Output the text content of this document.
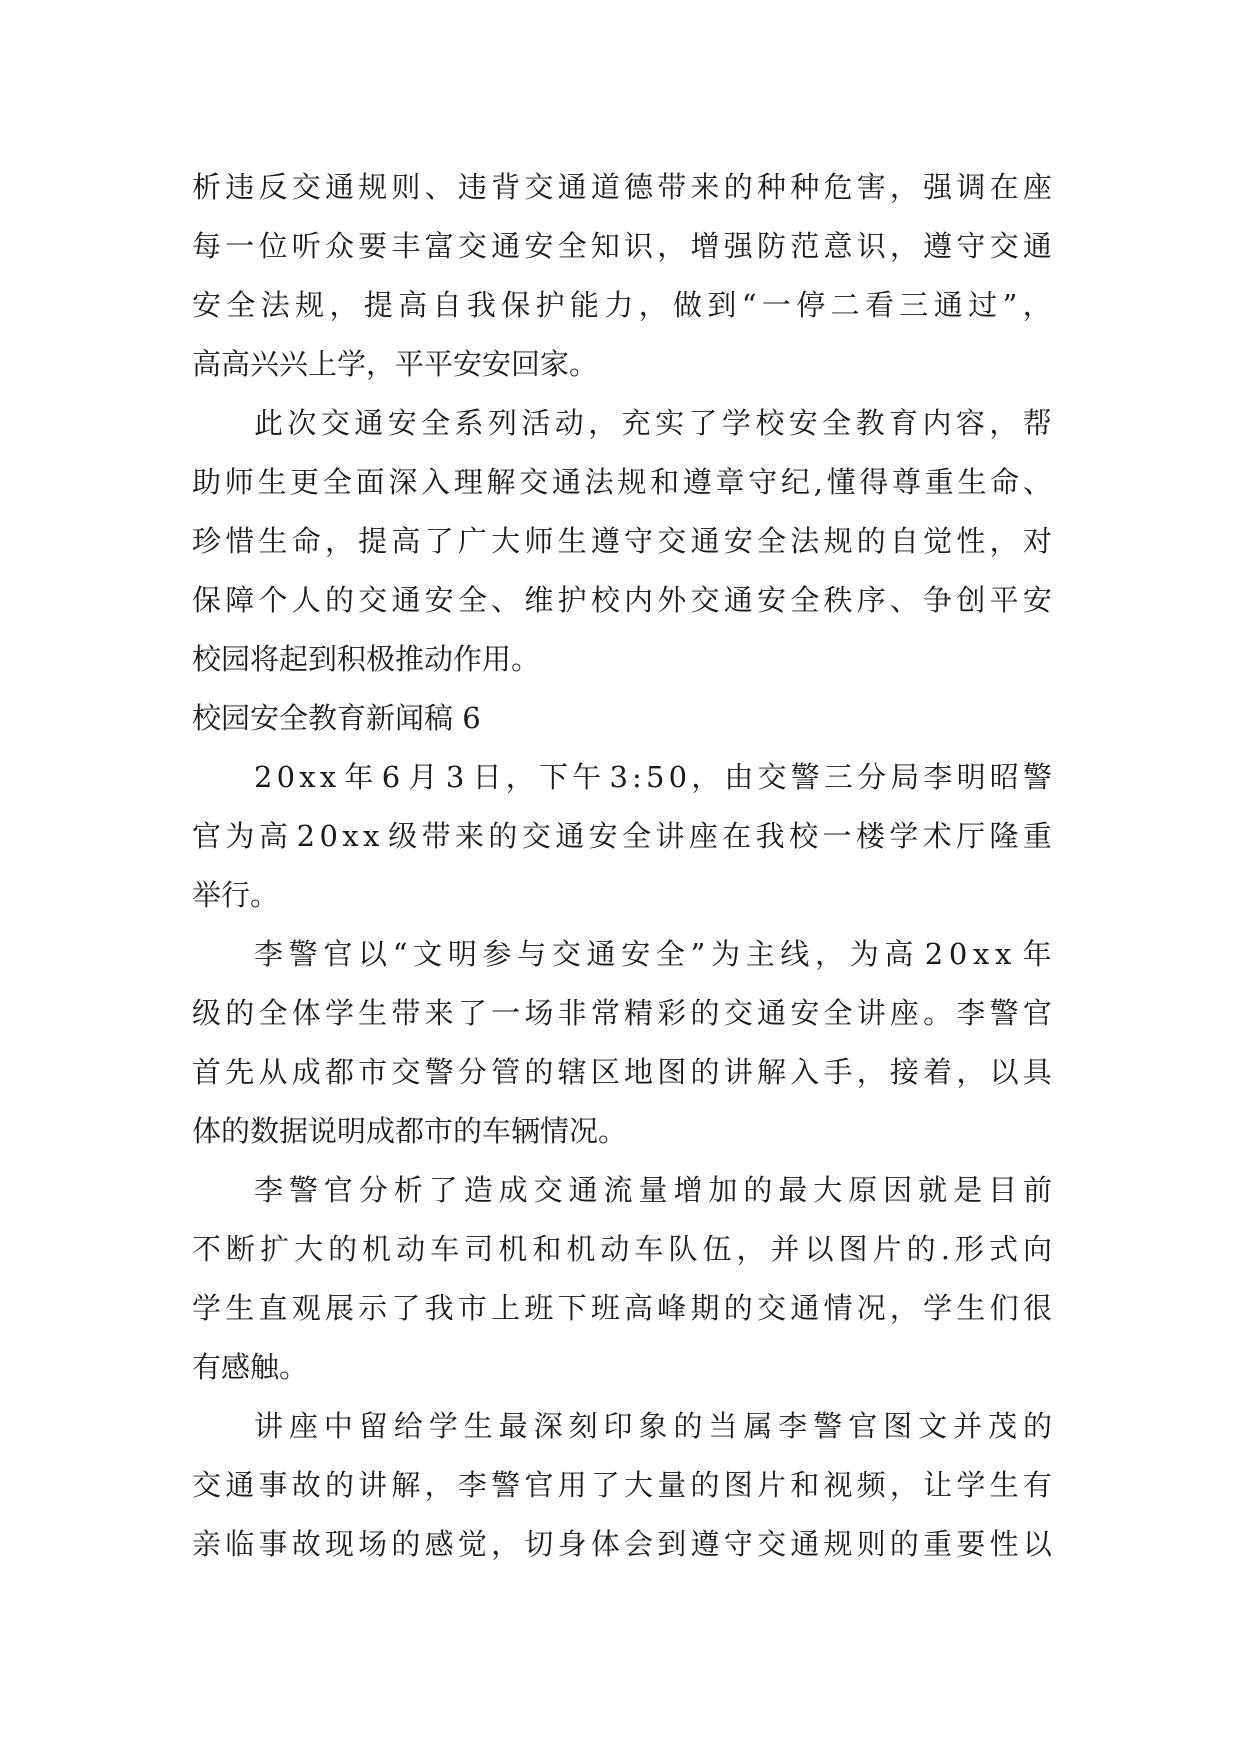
析 违 反 交 通 规 则 、 违 背 交 通 道 德 带 来 的 种 种 危 害 ， 强 调 在 座
每 一 位 听 众 要 丰 富 交 通 安 全 知 识 ， 增 强 防 范 意 识 ， 遵 守 交 通
安 全 法 规 ， 提 高 自 我 保 护 能 力 ， 做 到 “ 一 停 二 看 三 通 过 ” ，
高高兴兴上学，平平安安回家。
此 次 交 通 安 全 系 列 活 动 ， 充 实 了 学 校 安 全 教 育 内 容 ， 帮
助 师 生 更 全 面 深 入 理 解 交 通 法 规 和 遵 章 守 纪 , 懂 得 尊 重 生 命 、
珍 惜 生 命 ， 提 高 了 广 大 师 生 遵 守 交 通 安 全 法 规 的 自 觉 性 ， 对
保 障 个 人 的 交 通 安 全 、 维 护 校 内 外 交 通 安 全 秩 序 、 争 创 平 安
校园将起到积极推动作用。
校园安全教育新闻稿 6
2 0 x x 年 6 月 3 日 ， 下 午 3 : 5 0 ， 由 交 警 三 分 局 李 明 昭 警
官 为 高 2 0 x x 级 带 来 的 交 通 安 全 讲 座 在 我 校 一 楼 学 术 厅 隆 重
举行。
李 警 官 以 “ 文 明 参 与 交 通 安 全 ” 为 主 线 ， 为 高 2 0 x x 年
级 的 全 体 学 生 带 来 了 一 场 非 常 精 彩 的 交 通 安 全 讲 座 。 李 警 官
首 先 从 成 都 市 交 警 分 管 的 辖 区 地 图 的 讲 解 入 手 ， 接 着 ， 以 具
体的数据说明成都市的车辆情况。
李 警 官 分 析 了 造 成 交 通 流 量 增 加 的 最 大 原 因 就 是 目 前
不 断 扩 大 的 机 动 车 司 机 和 机 动 车 队 伍 ， 并 以 图 片 的 . 形 式 向
学 生 直 观 展 示 了 我 市 上 班 下 班 高 峰 期 的 交 通 情 况 ， 学 生 们 很
有感触。
讲 座 中 留 给 学 生 最 深 刻 印 象 的 当 属 李 警 官 图 文 并 茂 的
交 通 事 故 的 讲 解 ， 李 警 官 用 了 大 量 的 图 片 和 视 频 ， 让 学 生 有
亲 临 事 故 现 场 的 感 觉 ， 切 身 体 会 到 遵 守 交 通 规 则 的 重 要 性 以
